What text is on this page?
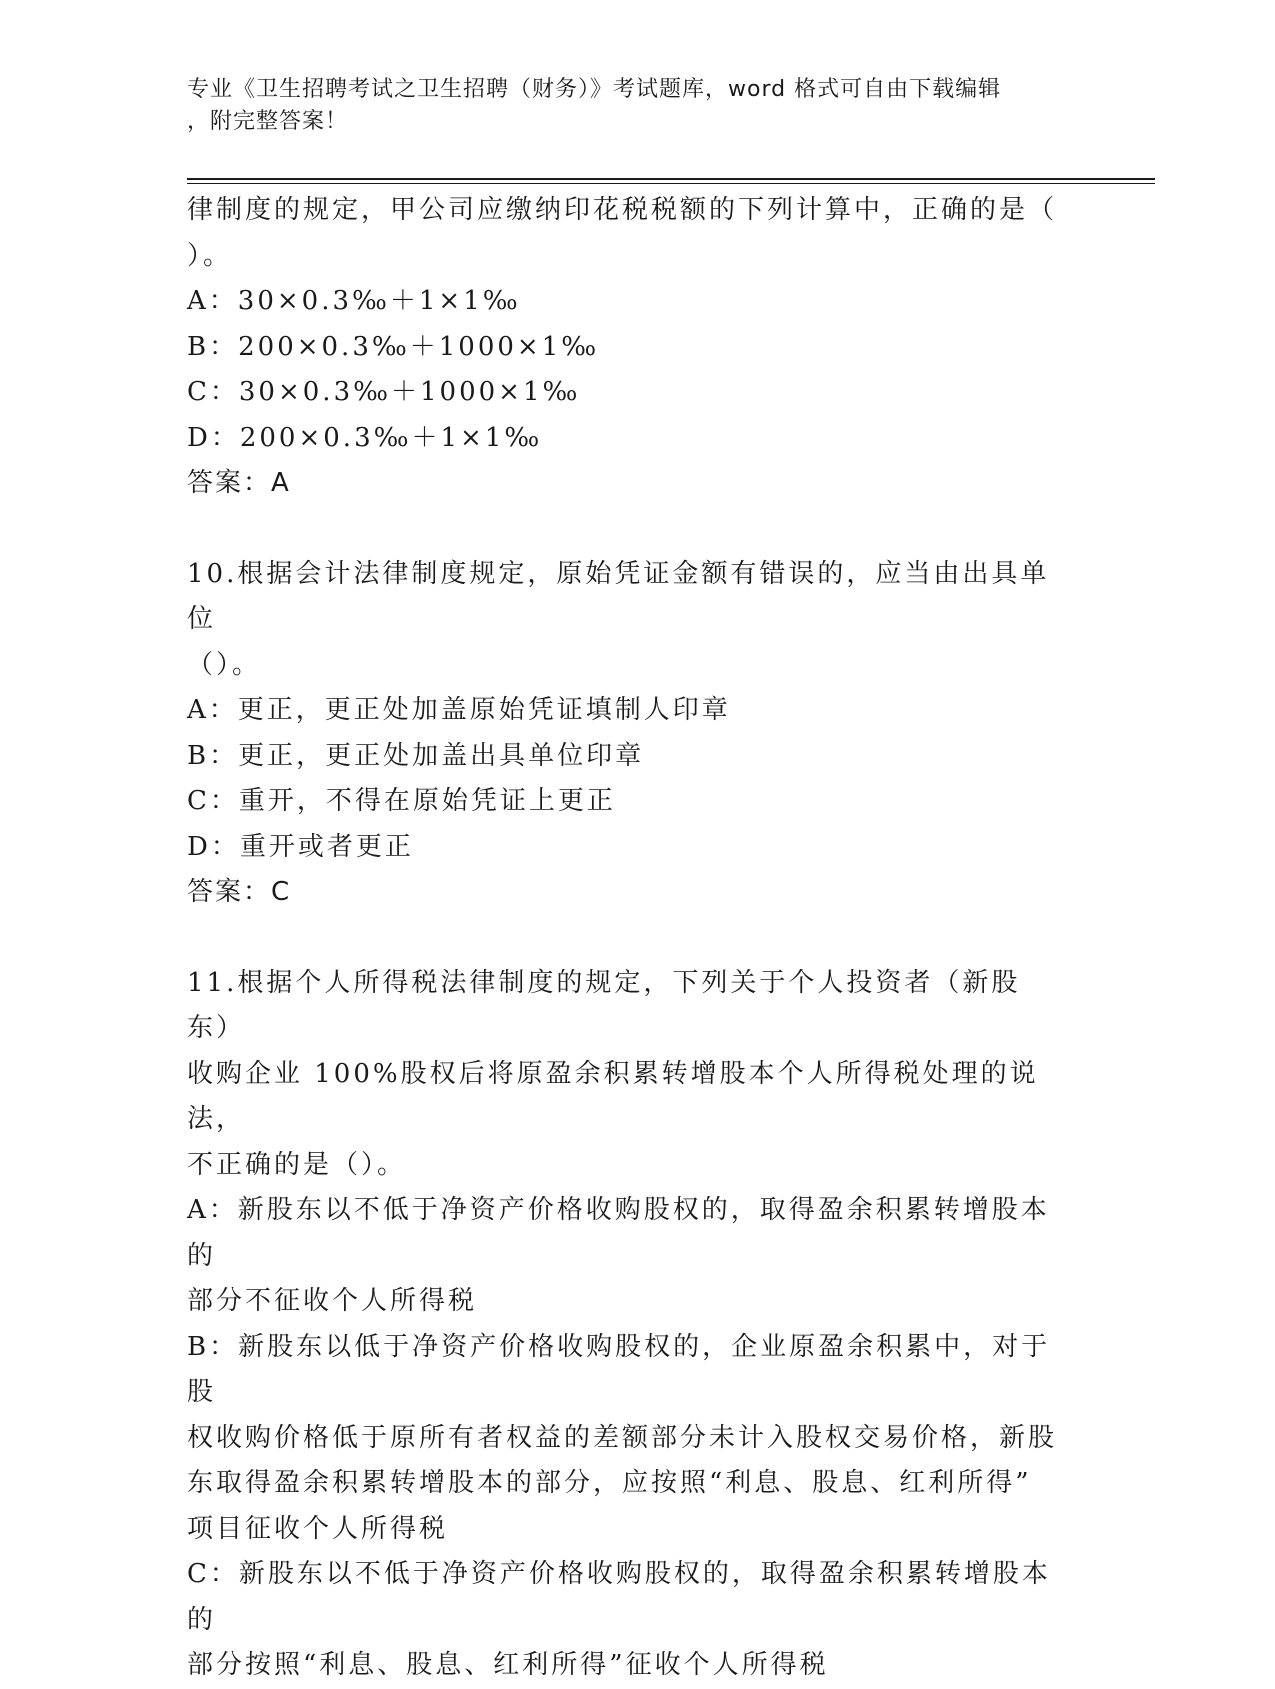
专业《卫生招聘考试之卫生招聘（财务）》考试题库，word 格式可自由下载编辑
，附完整答案！
律制度的规定，甲公司应缴纳印花税税额的下列计算中，正确的是（
）。
A：30×0.3‰＋1×1‰
B：200×0.3‰＋1000×1‰
C：30×0.3‰＋1000×1‰
D：200×0.3‰＋1×1‰
答案：A
10.根据会计法律制度规定，原始凭证金额有错误的，应当由出具单位
（）。
A：更正，更正处加盖原始凭证填制人印章
B：更正，更正处加盖出具单位印章
C：重开，不得在原始凭证上更正
D：重开或者更正
答案：C
11.根据个人所得税法律制度的规定，下列关于个人投资者（新股东）
收购企业 100%股权后将原盈余积累转增股本个人所得税处理的说法，
不正确的是（）。
A：新股东以不低于净资产价格收购股权的，取得盈余积累转增股本的
部分不征收个人所得税
B：新股东以低于净资产价格收购股权的，企业原盈余积累中，对于股
权收购价格低于原所有者权益的差额部分未计入股权交易价格，新股
东取得盈余积累转增股本的部分，应按照“利息、股息、红利所得”
项目征收个人所得税
C：新股东以不低于净资产价格收购股权的，取得盈余积累转增股本的
部分按照“利息、股息、红利所得”征收个人所得税
